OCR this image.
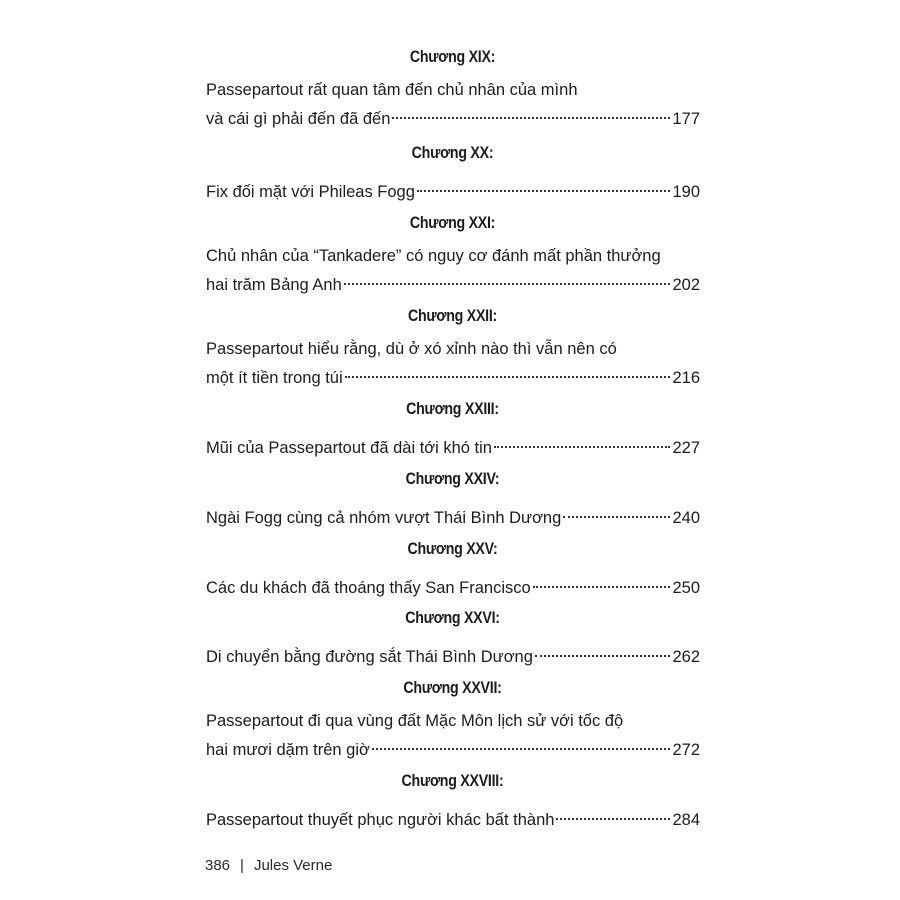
Chương XIX:
Passepartout rất quan tâm đến chủ nhân của mình
và cái gì phải đến đã đến	177
Chương XX:
Fix đối mặt với Phileas Fogg	190
Chương XXI:
Chủ nhân của “Tankadere” có nguy cơ đánh mất phần thưởng
hai trăm Bảng Anh	202
Chương XXII:
Passepartout hiểu rằng, dù ở xó xỉnh nào thì vẫn nên có
một ít tiền trong túi	216
Chương XXIII:
Mũi của Passepartout đã dài tới khó tin	227
Chương XXIV:
Ngài Fogg cùng cả nhóm vượt Thái Bình Dương	240
Chương XXV:
Các du khách đã thoáng thấy San Francisco	250
Chương XXVI:
Di chuyển bằng đường sắt Thái Bình Dương	262
Chương XXVII:
Passepartout đi qua vùng đất Mặc Môn lịch sử với tốc độ
hai mươi dặm trên giờ	272
Chương XXVIII:
Passepartout thuyết phục người khác bất thành	284
386 | Jules Verne
